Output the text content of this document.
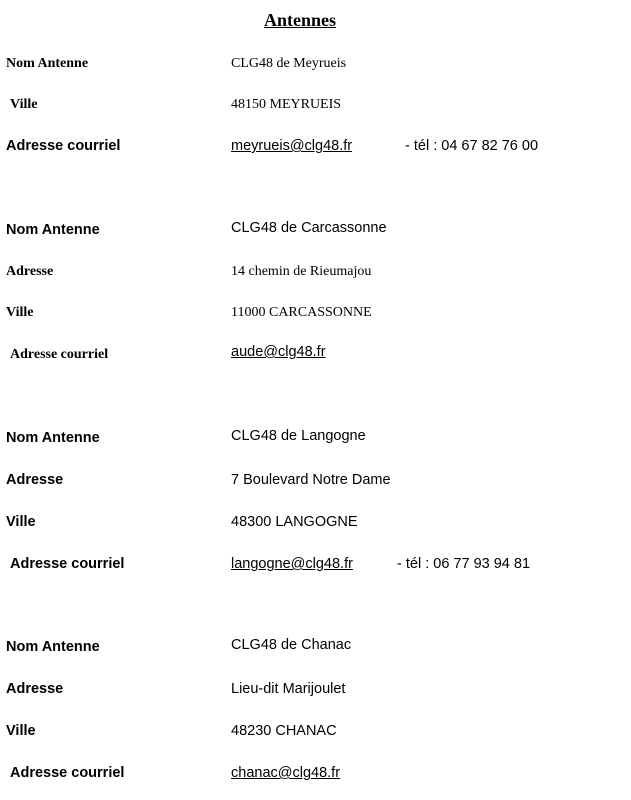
Antennes
Nom Antenne	CLG48 de Meyrueis
Ville	48150 MEYRUEIS
Adresse courriel	meyrueis@clg48.fr	- tél : 04 67 82 76 00
Nom Antenne	CLG48 de Carcassonne
Adresse	14 chemin de Rieumajou
Ville	11000 CARCASSONNE
Adresse courriel	aude@clg48.fr
Nom Antenne	CLG48 de Langogne
Adresse	7 Boulevard Notre Dame
Ville	48300 LANGOGNE
Adresse courriel	langogne@clg48.fr	- tél : 06 77 93 94 81
Nom Antenne	CLG48 de Chanac
Adresse	Lieu-dit Marijoulet
Ville	48230 CHANAC
Adresse courriel	chanac@clg48.fr
